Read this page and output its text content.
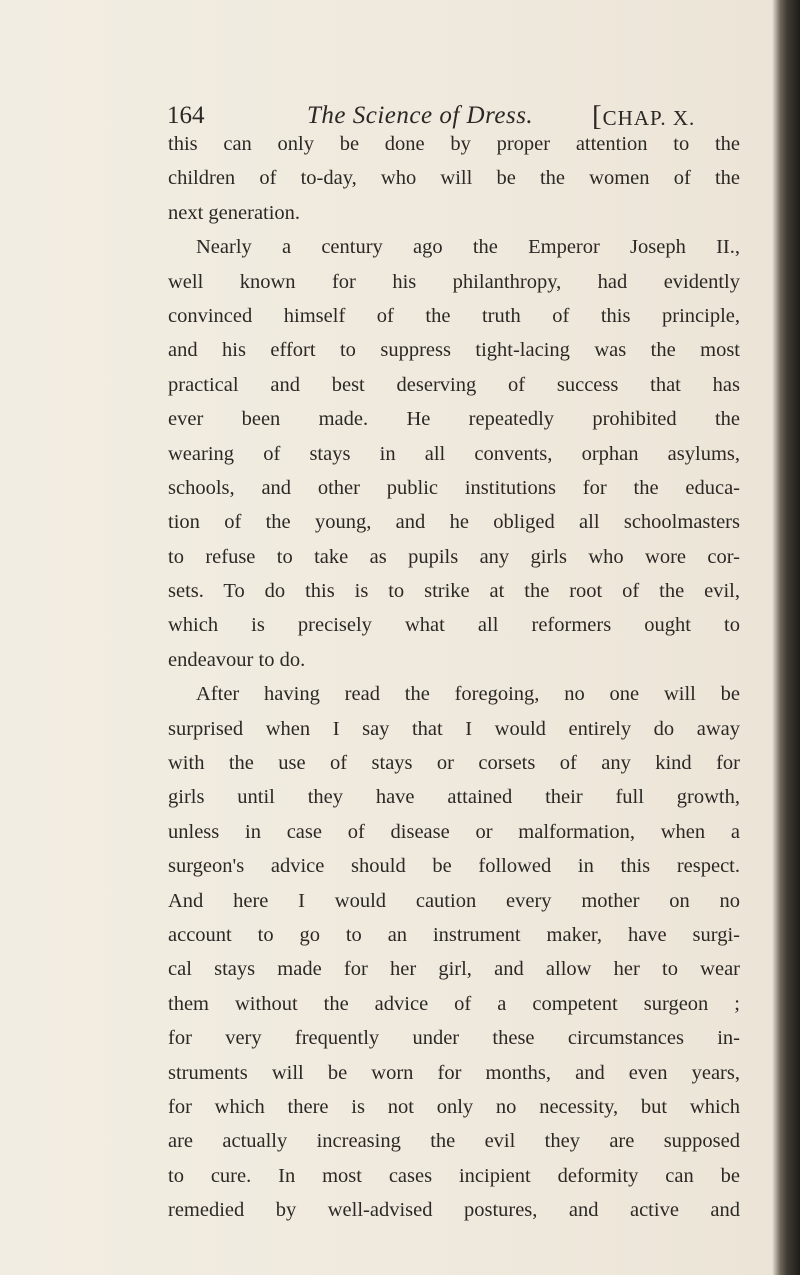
164	The Science of Dress. [CHAP. X.
this can only be done by proper attention to the
children of to-day, who will be the women of the
next generation.
Nearly a century ago the Emperor Joseph II.,
well known for his philanthropy, had evidently
convinced himself of the truth of this principle,
and his effort to suppress tight-lacing was the most
practical and best deserving of success that has
ever been made. He repeatedly prohibited the
wearing of stays in all convents, orphan asylums,
schools, and other public institutions for the educa-
tion of the young, and he obliged all schoolmasters
to refuse to take as pupils any girls who wore cor-
sets. To do this is to strike at the root of the evil,
which is precisely what all reformers ought to
endeavour to do.
After having read the foregoing, no one will be
surprised when I say that I would entirely do away
with the use of stays or corsets of any kind for
girls until they have attained their full growth,
unless in case of disease or malformation, when a
surgeon's advice should be followed in this respect.
And here I would caution every mother on no
account to go to an instrument maker, have surgi-
cal stays made for her girl, and allow her to wear
them without the advice of a competent surgeon ;
for very frequently under these circumstances in-
struments will be worn for months, and even years,
for which there is not only no necessity, but which
are actually increasing the evil they are supposed
to cure. In most cases incipient deformity can be
remedied by well-advised postures, and active and
